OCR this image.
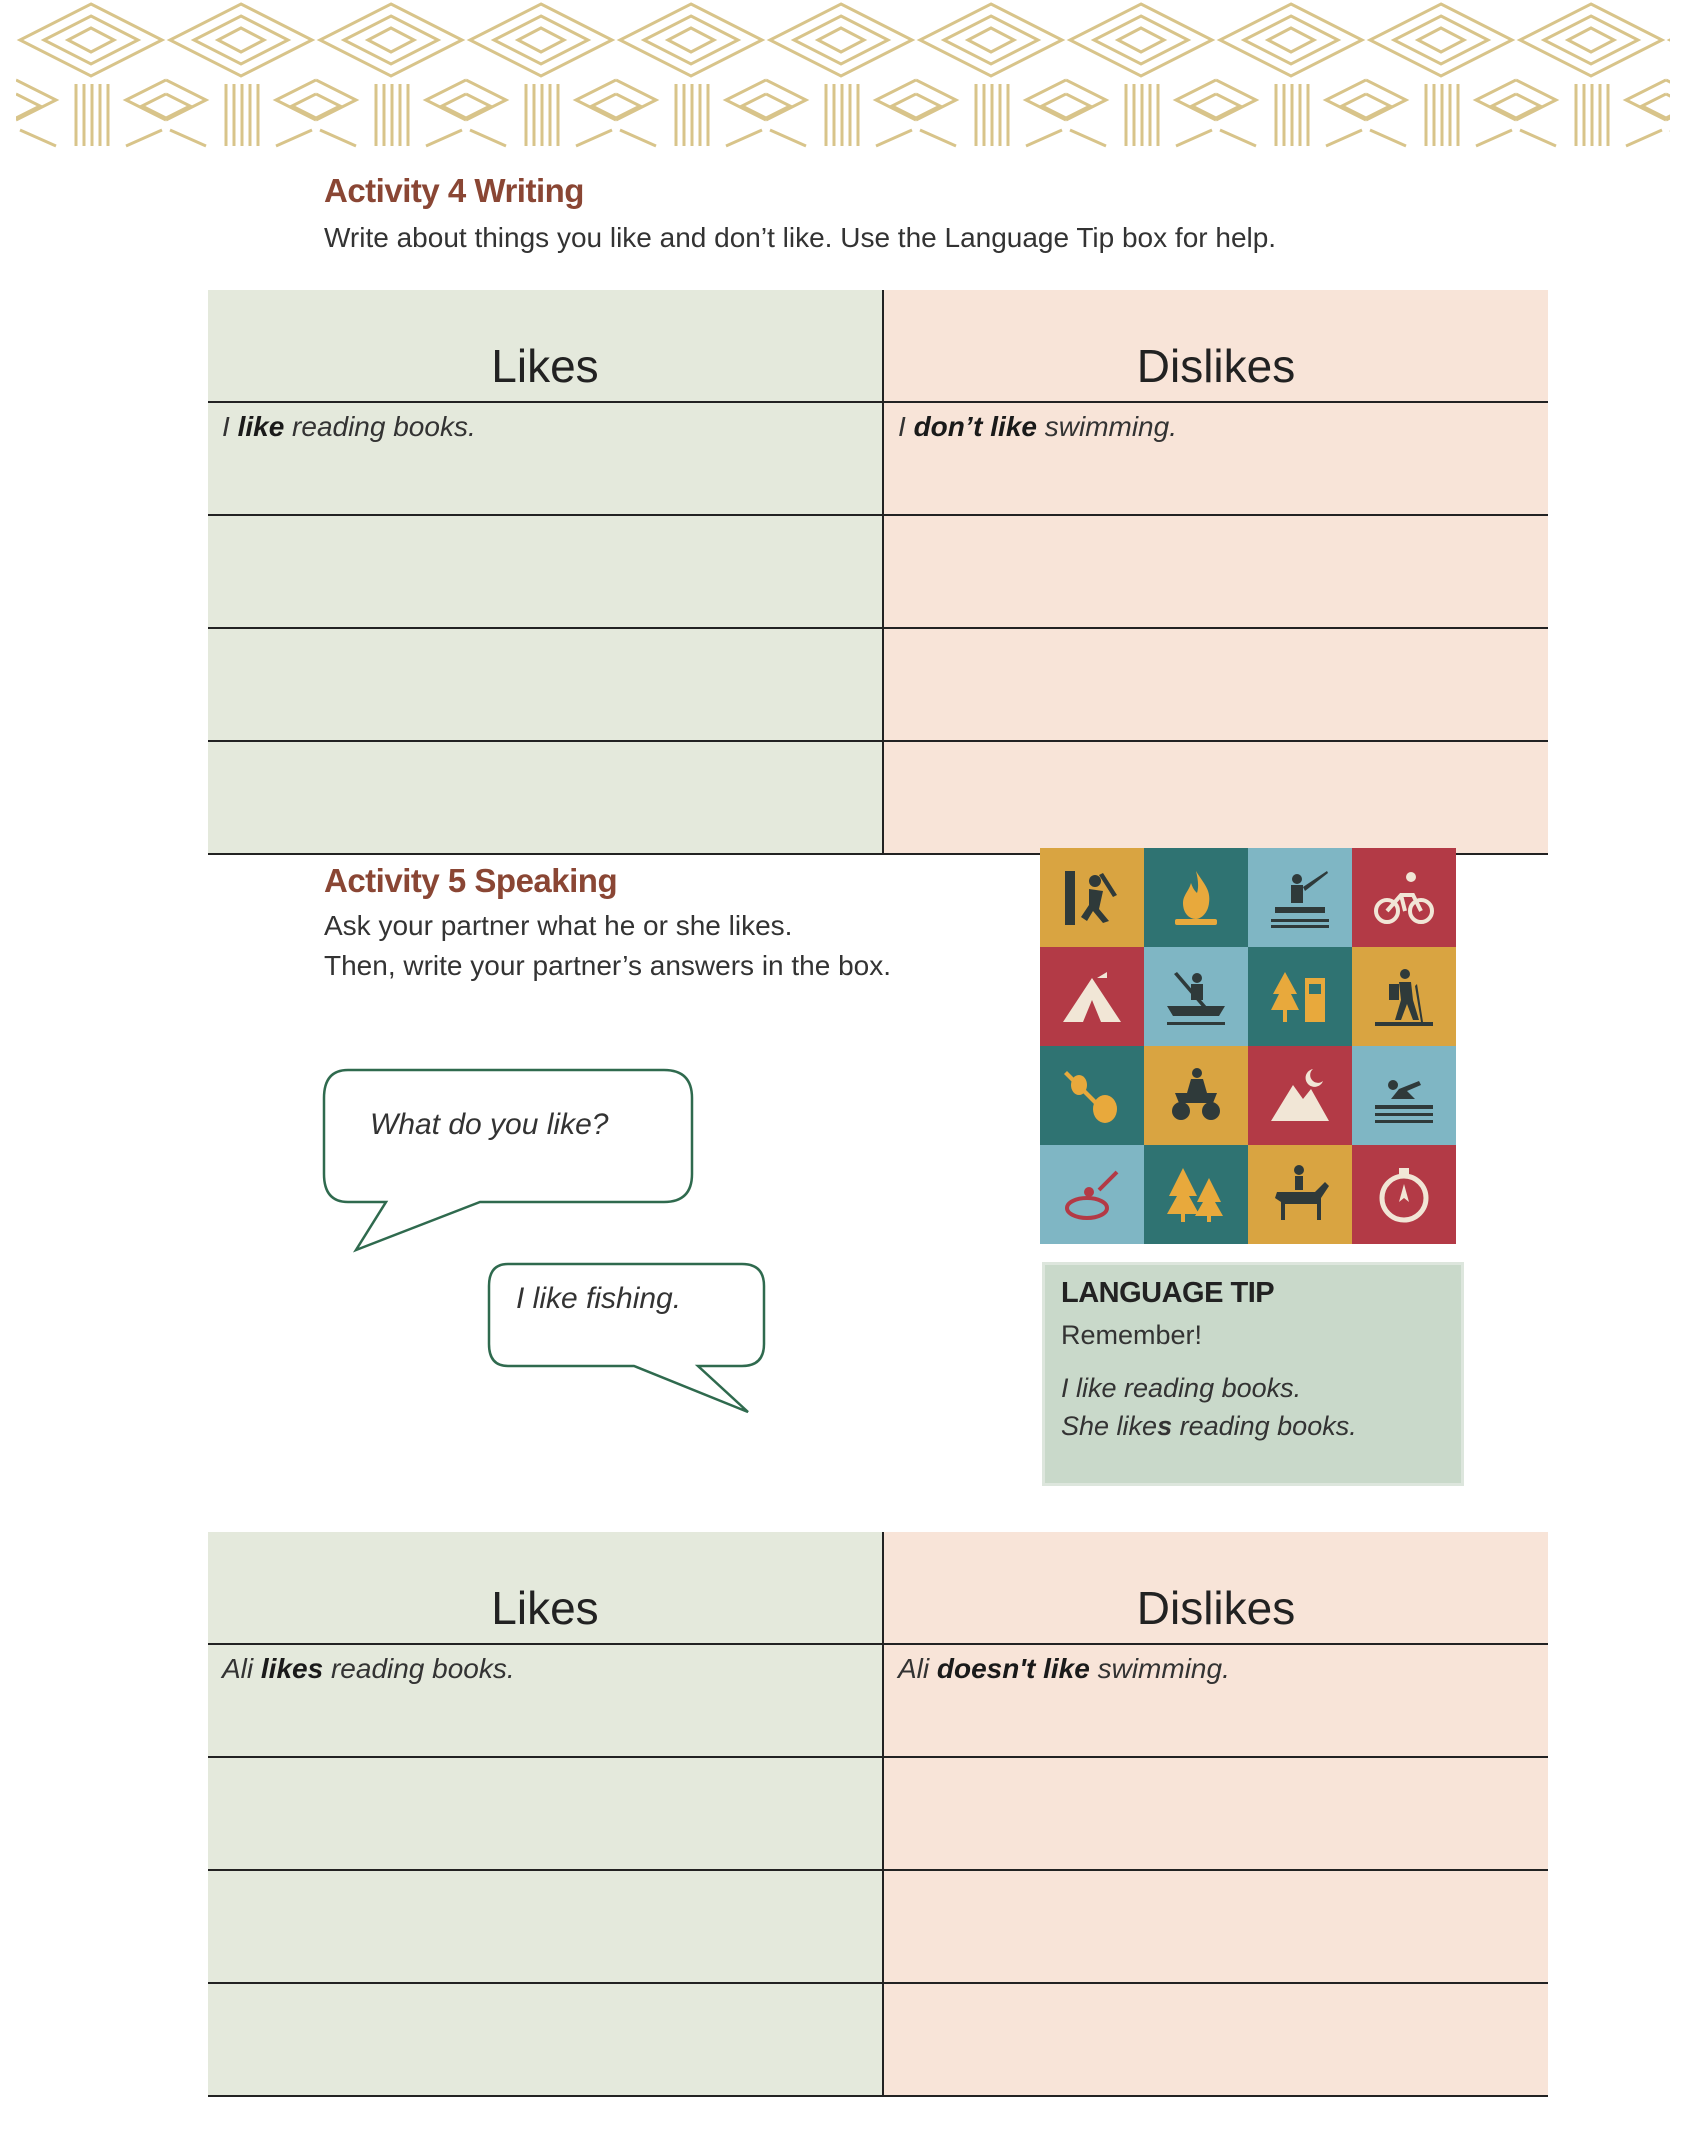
Activity 4 Writing
Write about things you like and don’t like. Use the Language Tip box for help.
Likes	Dislikes
I like reading books.	I don’t like swimming.

Activity 5 Speaking
Ask your partner what he or she likes.
Then, write your partner’s answers in the box.
What do you like?
I like fishing.	LANGUAGE TIP
Remember!
I like reading books.
She likes reading books.
Likes	Dislikes
Ali likes reading books.	Ali doesn't like swimming.
